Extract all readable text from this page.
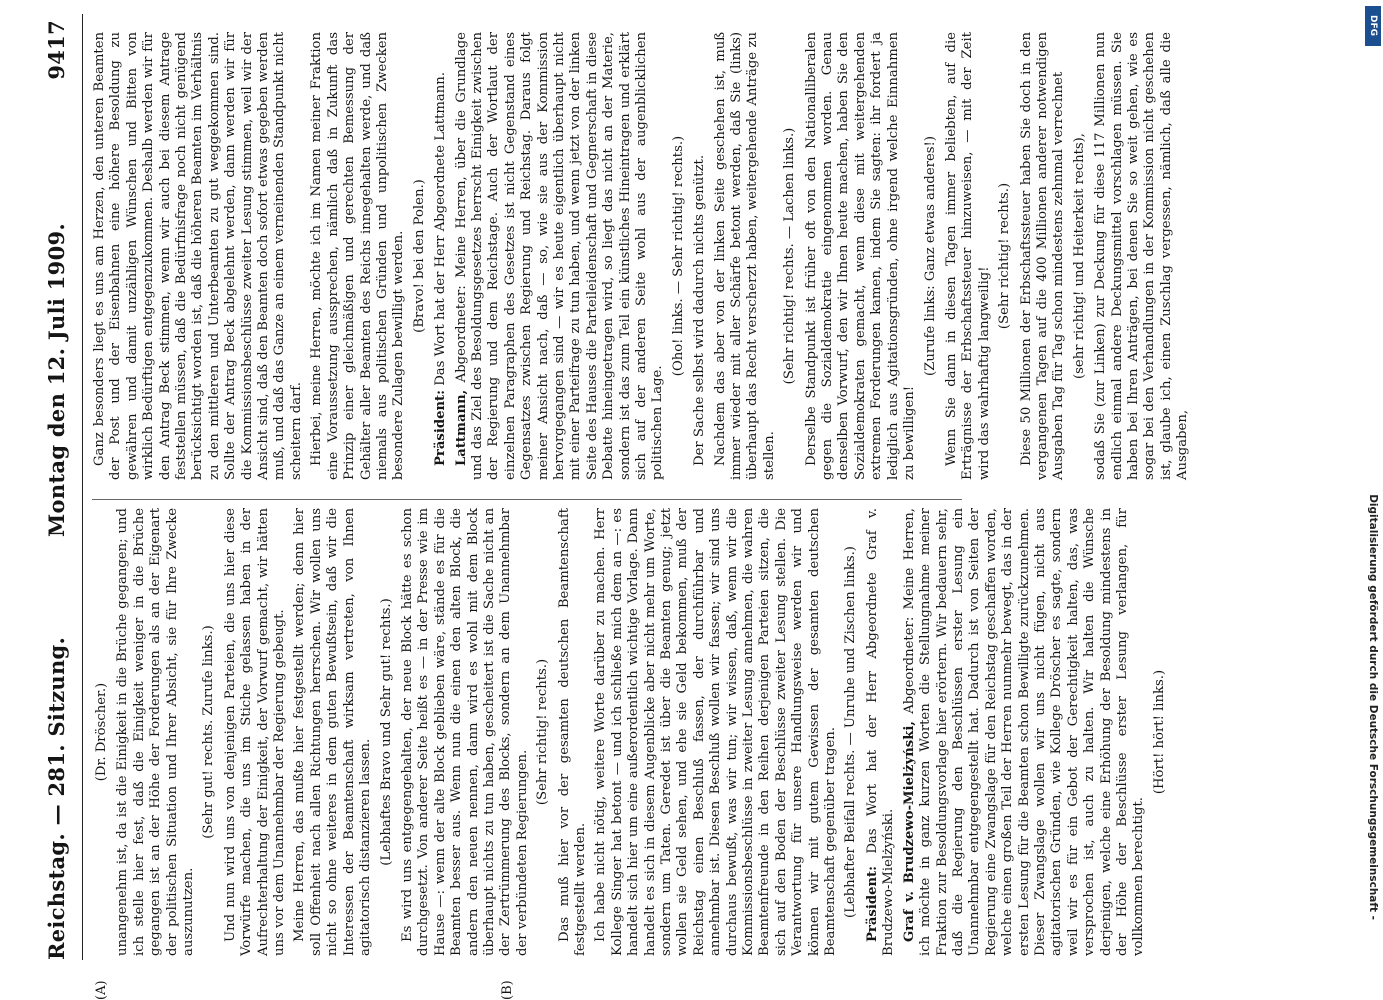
Reichstag. — 281. Sitzung.
Montag den 12. Juli 1909.
9417
(A)	(B)

(Dr. Dröscher.) unangenehm ist, da ist die Einigkeit in die Brüche gegangen; und ich stelle hier fest, daß die Einigkeit weniger in die Brüche gegangen ist an der Höhe der Forderungen als an der Eigenart der politischen Situation und Ihrer Absicht, sie für Ihre Zwecke auszunutzen.

(Sehr gut! rechts. Zurufe links.) Und nun wird uns von denjenigen Parteien, die uns hier diese Vorwürfe machen, die uns im Stiche gelassen haben in der Aufrechterhaltung der Einigkeit, der Vorwurf gemacht, wir hätten uns vor dem Unannehmbar der Regierung gebeugt. Meine Herren, das mußte hier festgestellt werden; denn hier soll Offenheit nach allen Richtungen herrschen. Wir wollen uns nicht so ohne weiteres in dem guten Bewußtsein, daß wir die Interessen der Beamtenschaft wirksam vertreten, von Ihnen agitatorisch distanzieren lassen. (Lebhaftes Bravo und Sehr gut! rechts.) Es wird uns entgegengehalten, der neue Block hätte es schon durchgesetzt. Von anderer Seite heißt es — in der Presse wie im Hause —: wenn der alte Block geblieben wäre, stände es für die Beamten besser aus. Wenn nun die einen den alten Block, die andern den neuen nennen, dann wird es wohl mit dem Block überhaupt nichts zu tun haben, gescheitert ist die Sache nicht an der Zertrümmerung des Blocks, sondern an dem Unannehmbar der verbündeten Regierungen.

(Sehr richtig! rechts.) Das muß hier vor der gesamten deutschen Beamtenschaft festgestellt werden. Ich habe nicht nötig, weitere Worte darüber zu machen. Herr Kollege Singer hat betont — und ich schließe mich dem an —: es handelt sich hier um eine außerordentlich wichtige Vorlage. Dann handelt es sich in diesem Augenblicke aber nicht mehr um Worte, sondern um Taten. Geredet ist über die Beamten genug; jetzt wollen sie Geld sehen, und ehe sie Geld bekommen, muß der Reichstag einen Beschluß fassen, der durchführbar und annehmbar ist. Diesen Beschluß wollen wir fassen; wir sind uns durchaus bewußt, was wir tun; wir wissen, daß, wenn wir die Kommissionsbeschlüsse in zweiter Lesung annehmen, die wahren Beamtenfreunde in den Reihen derjenigen Parteien sitzen, die sich auf den Boden der Beschlüsse zweiter Lesung stellen. Die Verantwortung für unsere Handlungsweise werden wir und können wir mit gutem Gewissen der gesamten deutschen Beamtenschaft gegenüber tragen. (Lebhafter Beifall rechts. — Unruhe und Zischen links.) Präsident: Das Wort hat der Herr Abgeordnete Graf v. Brudzewo-Mielżyński. Graf v. Brudzewo-Mielżyński, Abgeordneter: Meine Herren, ich möchte in ganz kurzen Worten die Stellungnahme meiner Fraktion zur Besoldungsvorlage hier erörtern. Wir bedauern sehr, daß die Regierung den Beschlüssen erster Lesung ein Unannehmbar entgegengestellt hat. Dadurch ist von Seiten der Regierung eine Zwangslage für den Reichstag geschaffen worden, welche einen großen Teil der Herren nunmehr bewegt, das in der ersten Lesung für die Beamten schon Bewilligte zurückzunehmen. Dieser Zwangslage wollen wir uns nicht fügen, nicht aus agitatorischen Gründen, wie Kollege Dröscher es sagte, sondern weil wir es für ein Gebot der Gerechtigkeit halten, das, was versprochen ist, auch zu halten. Wir halten die Wünsche derjenigen, welche eine Erhöhung der Besoldung mindestens in der Höhe der Beschlüsse erster Lesung verlangen, für vollkommen berechtigt.

(Hört! hört! links.)

Ganz besonders liegt es uns am Herzen, den unteren Beamten der Post und der Eisenbahnen eine höhere Besoldung zu gewähren und damit unzähligen Wünschen und Bitten von wirklich Bedürftigen entgegenzukommen. Deshalb werden wir für den Antrag Beck stimmen, wenn wir auch bei diesem Antrage feststellen müssen, daß die Bedürfnisfrage noch nicht genügend berücksichtigt worden ist, daß die höheren Beamten im Verhältnis zu den mittleren und Unterbeamten zu gut weggekommen sind. Sollte der Antrag Beck abgelehnt werden, dann werden wir für die Kommissionsbeschlüsse zweiter Lesung stimmen, weil wir der Ansicht sind, daß den Beamten doch sofort etwas gegeben werden muß, und daß das Ganze an einem verneinenden Standpunkt nicht scheitern darf. Hierbei, meine Herren, möchte ich im Namen meiner Fraktion eine Voraussetzung aussprechen, nämlich daß in Zukunft das Prinzip einer gleichmäßigen und gerechten Bemessung der Gehälter aller Beamten des Reichs innegehalten werde, und daß niemals aus politischen Gründen und unpolitischen Zwecken besondere Zulagen bewilligt werden. (Bravo! bei den Polen.)

Präsident: Das Wort hat der Herr Abgeordnete Lattmann.

Lattmann, Abgeordneter: Meine Herren, über die Grundlage und das Ziel des Besoldungsgesetzes herrscht Einigkeit zwischen der Regierung und dem Reichstage. Auch der Wortlaut der einzelnen Paragraphen des Gesetzes ist nicht Gegenstand eines Gegensatzes zwischen Regierung und Reichstag. Daraus folgt meiner Ansicht nach, daß — so, wie sie aus der Kommission hervorgegangen sind — wir es heute eigentlich überhaupt nicht mit einer Parteifrage zu tun haben, und wenn jetzt von der linken Seite des Hauses die Parteileidenschaft und Gegnerschaft in diese Debatte hineingetragen wird, so liegt das nicht an der Materie, sondern ist das zum Teil ein künstliches Hineintragen und erklärt sich auf der anderen Seite wohl aus der augenblicklichen politischen Lage.

(Oho! links. — Sehr richtig! rechts.) Der Sache selbst wird dadurch nichts genützt. Nachdem das aber von der linken Seite geschehen ist, muß immer wieder mit aller Schärfe betont werden, daß Sie (links) überhaupt das Recht verscherzt haben, weitergehende Anträge zu stellen.

(Sehr richtig! rechts. — Lachen links.) Derselbe Standpunkt ist früher oft von den Nationalliberalen gegen die Sozialdemokratie eingenommen worden. Genau denselben Vorwurf, den wir Ihnen heute machen, haben Sie den Sozialdemokraten gemacht, wenn diese mit weitergehenden extremen Forderungen kamen, indem Sie sagten: ihr fordert ja lediglich aus Agitationsgründen, ohne irgend welche Einnahmen zu bewilligen!

(Zurufe links: Ganz etwas anderes!) Wenn Sie dann in diesen Tagen immer beliebten, auf die Erträgnisse der Erbschaftssteuer hinzuweisen, — mit der Zeit wird das wahrhaftig langweilig!

(Sehr richtig! rechts.) Diese 50 Millionen der Erbschaftssteuer haben Sie doch in den vergangenen Tagen auf die 400 Millionen anderer notwendigen Ausgaben Tag für Tag schon mindestens zehnmal verrechnet (sehr richtig! und Heiterkeit rechts), sodaß Sie (zur Linken) zur Deckung für diese 117 Millionen nun endlich einmal andere Deckungsmittel vorschlagen müssen. Sie haben bei Ihren Anträgen, bei denen Sie so weit gehen, wie es sogar bei den Verhandlungen in der Kommission nicht geschehen ist, glaube ich, einen Zuschlag vergessen, nämlich, daß alle die Ausgaben,

Digitalisierung gefördert durch die Deutsche Forschungsgemeinschaft -
DFG
